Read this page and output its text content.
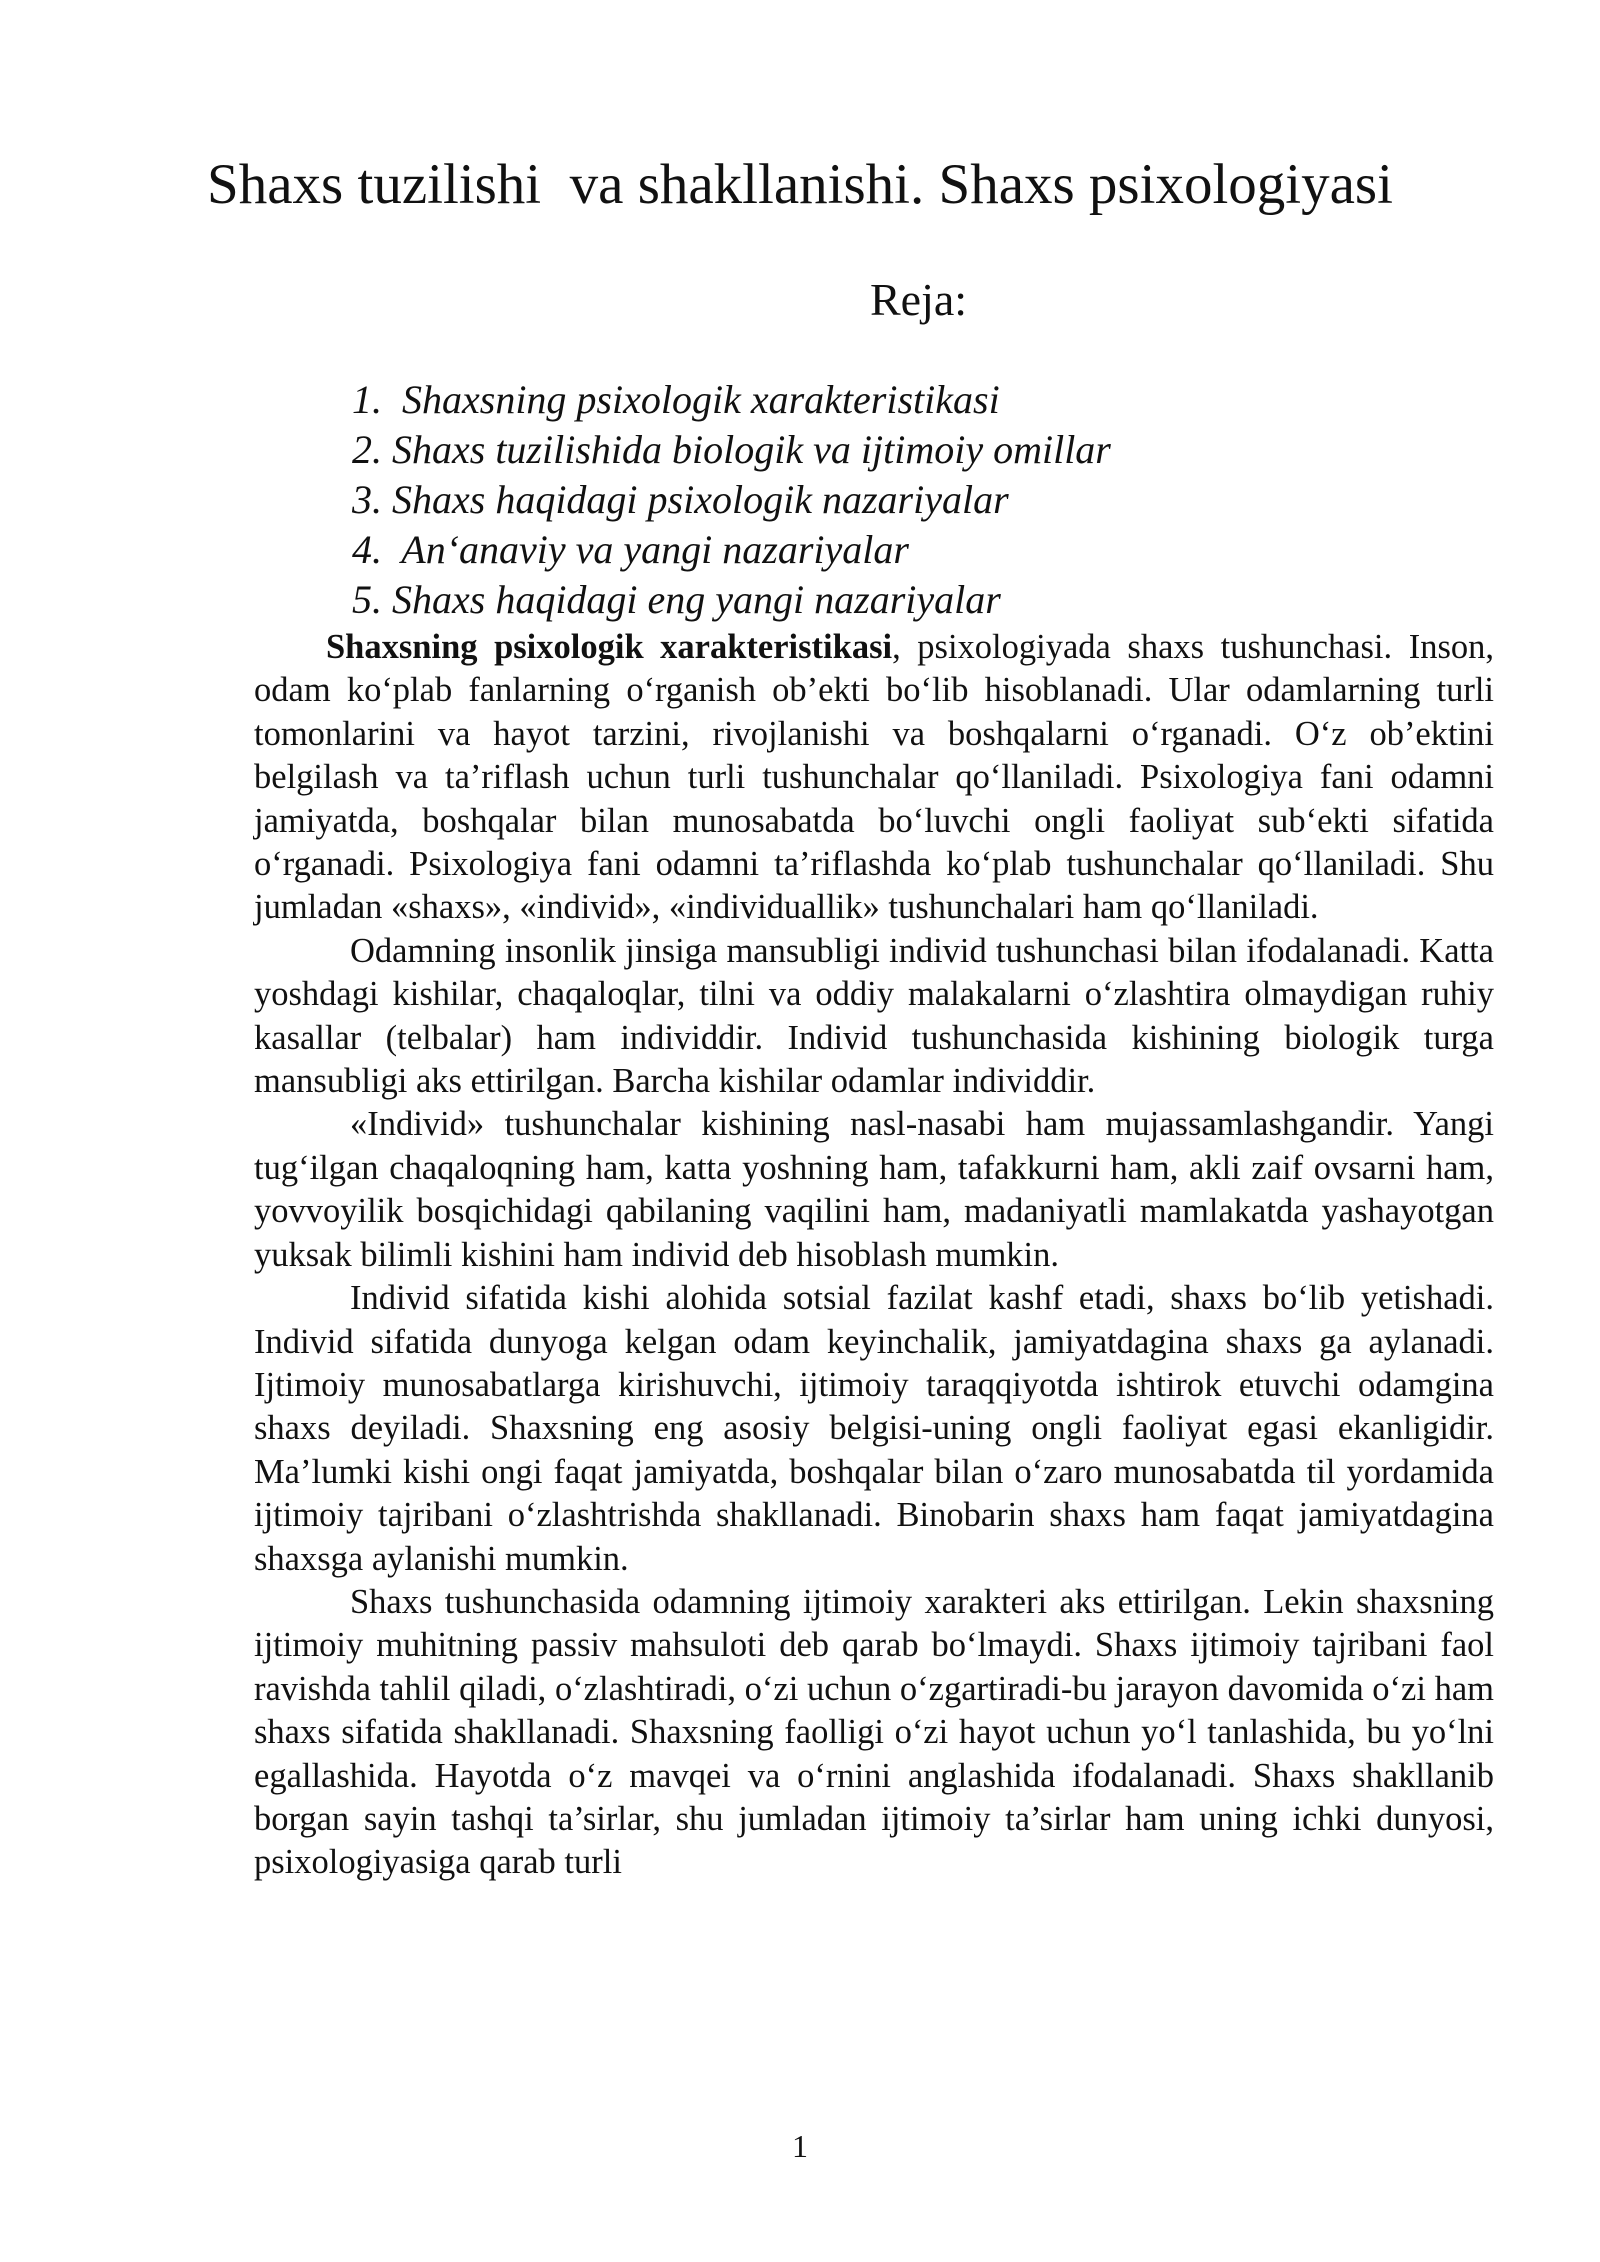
Shaxs tuzilishi  va shakllanishi. Shaxs psixologiyasi
Reja:
1.  Shaxsning psixologik xarakteristikasi
2. Shaxs tuzilishida biologik va ijtimoiy omillar
3. Shaxs haqidagi psixologik nazariyalar
4.  An‘anaviy va yangi nazariyalar
5. Shaxs haqidagi eng yangi nazariyalar

Shaxsning psixologik xarakteristikasi, psixologiyada shaxs tushunchasi. Inson, odam ko‘plab fanlarning o‘rganish ob’ekti bo‘lib hisoblanadi. Ular odamlarning turli tomonlarini va hayot tarzini, rivojlanishi va boshqalarni o‘rganadi. O‘z ob’ektini belgilash va ta’riflash uchun turli tushunchalar qo‘llaniladi. Psixologiya fani odamni jamiyatda, boshqalar bilan munosabatda bo‘luvchi ongli faoliyat sub‘ekti sifatida o‘rganadi. Psixologiya fani odamni ta’riflashda ko‘plab tushunchalar qo‘llaniladi. Shu jumladan «shaxs», «individ», «individuallik» tushunchalari ham qo‘llaniladi.

Odamning insonlik jinsiga mansubligi individ tushunchasi bilan ifodalanadi. Katta yoshdagi kishilar, chaqaloqlar, tilni va oddiy malakalarni o‘zlashtira olmaydigan ruhiy kasallar (telbalar) ham individdir. Individ tushunchasida kishining biologik turga mansubligi aks ettirilgan. Barcha kishilar odamlar individdir.

«Individ» tushunchalar kishining nasl-nasabi ham mujassamlashgandir. Yangi tug‘ilgan chaqaloqning ham, katta yoshning ham, tafakkurni ham, akli zaif ovsarni ham, yovvoyilik bosqichidagi qabilaning vaqilini ham, madaniyatli mamlakatda yashayotgan yuksak bilimli kishini ham individ deb hisoblash mumkin.

Individ sifatida kishi alohida sotsial fazilat kashf etadi, shaxs bo‘lib yetishadi. Individ sifatida dunyoga kelgan odam keyinchalik, jamiyatdagina shaxs ga aylanadi. Ijtimoiy munosabatlarga kirishuvchi, ijtimoiy taraqqiyotda ishtirok etuvchi odamgina shaxs deyiladi. Shaxsning eng asosiy belgisi-uning ongli faoliyat egasi ekanligidir. Ma’lumki kishi ongi faqat jamiyatda, boshqalar bilan o‘zaro munosabatda til yordamida ijtimoiy tajribani o‘zlashtrishda shakllanadi. Binobarin shaxs ham faqat jamiyatdagina shaxsga aylanishi mumkin.

Shaxs tushunchasida odamning ijtimoiy xarakteri aks ettirilgan. Lekin shaxsning ijtimoiy muhitning passiv mahsuloti deb qarab bo‘lmaydi. Shaxs ijtimoiy tajribani faol ravishda tahlil qiladi, o‘zlashtiradi, o‘zi uchun o‘zgartiradi-bu jarayon davomida o‘zi ham shaxs sifatida shakllanadi. Shaxsning faolligi o‘zi hayot uchun yo‘l tanlashida, bu yo‘lni egallashida. Hayotda o‘z mavqei va o‘rnini anglashida ifodalanadi. Shaxs shakllanib borgan sayin tashqi ta’sirlar, shu jumladan ijtimoiy ta’sirlar ham uning ichki dunyosi, psixologiyasiga qarab turli

1
